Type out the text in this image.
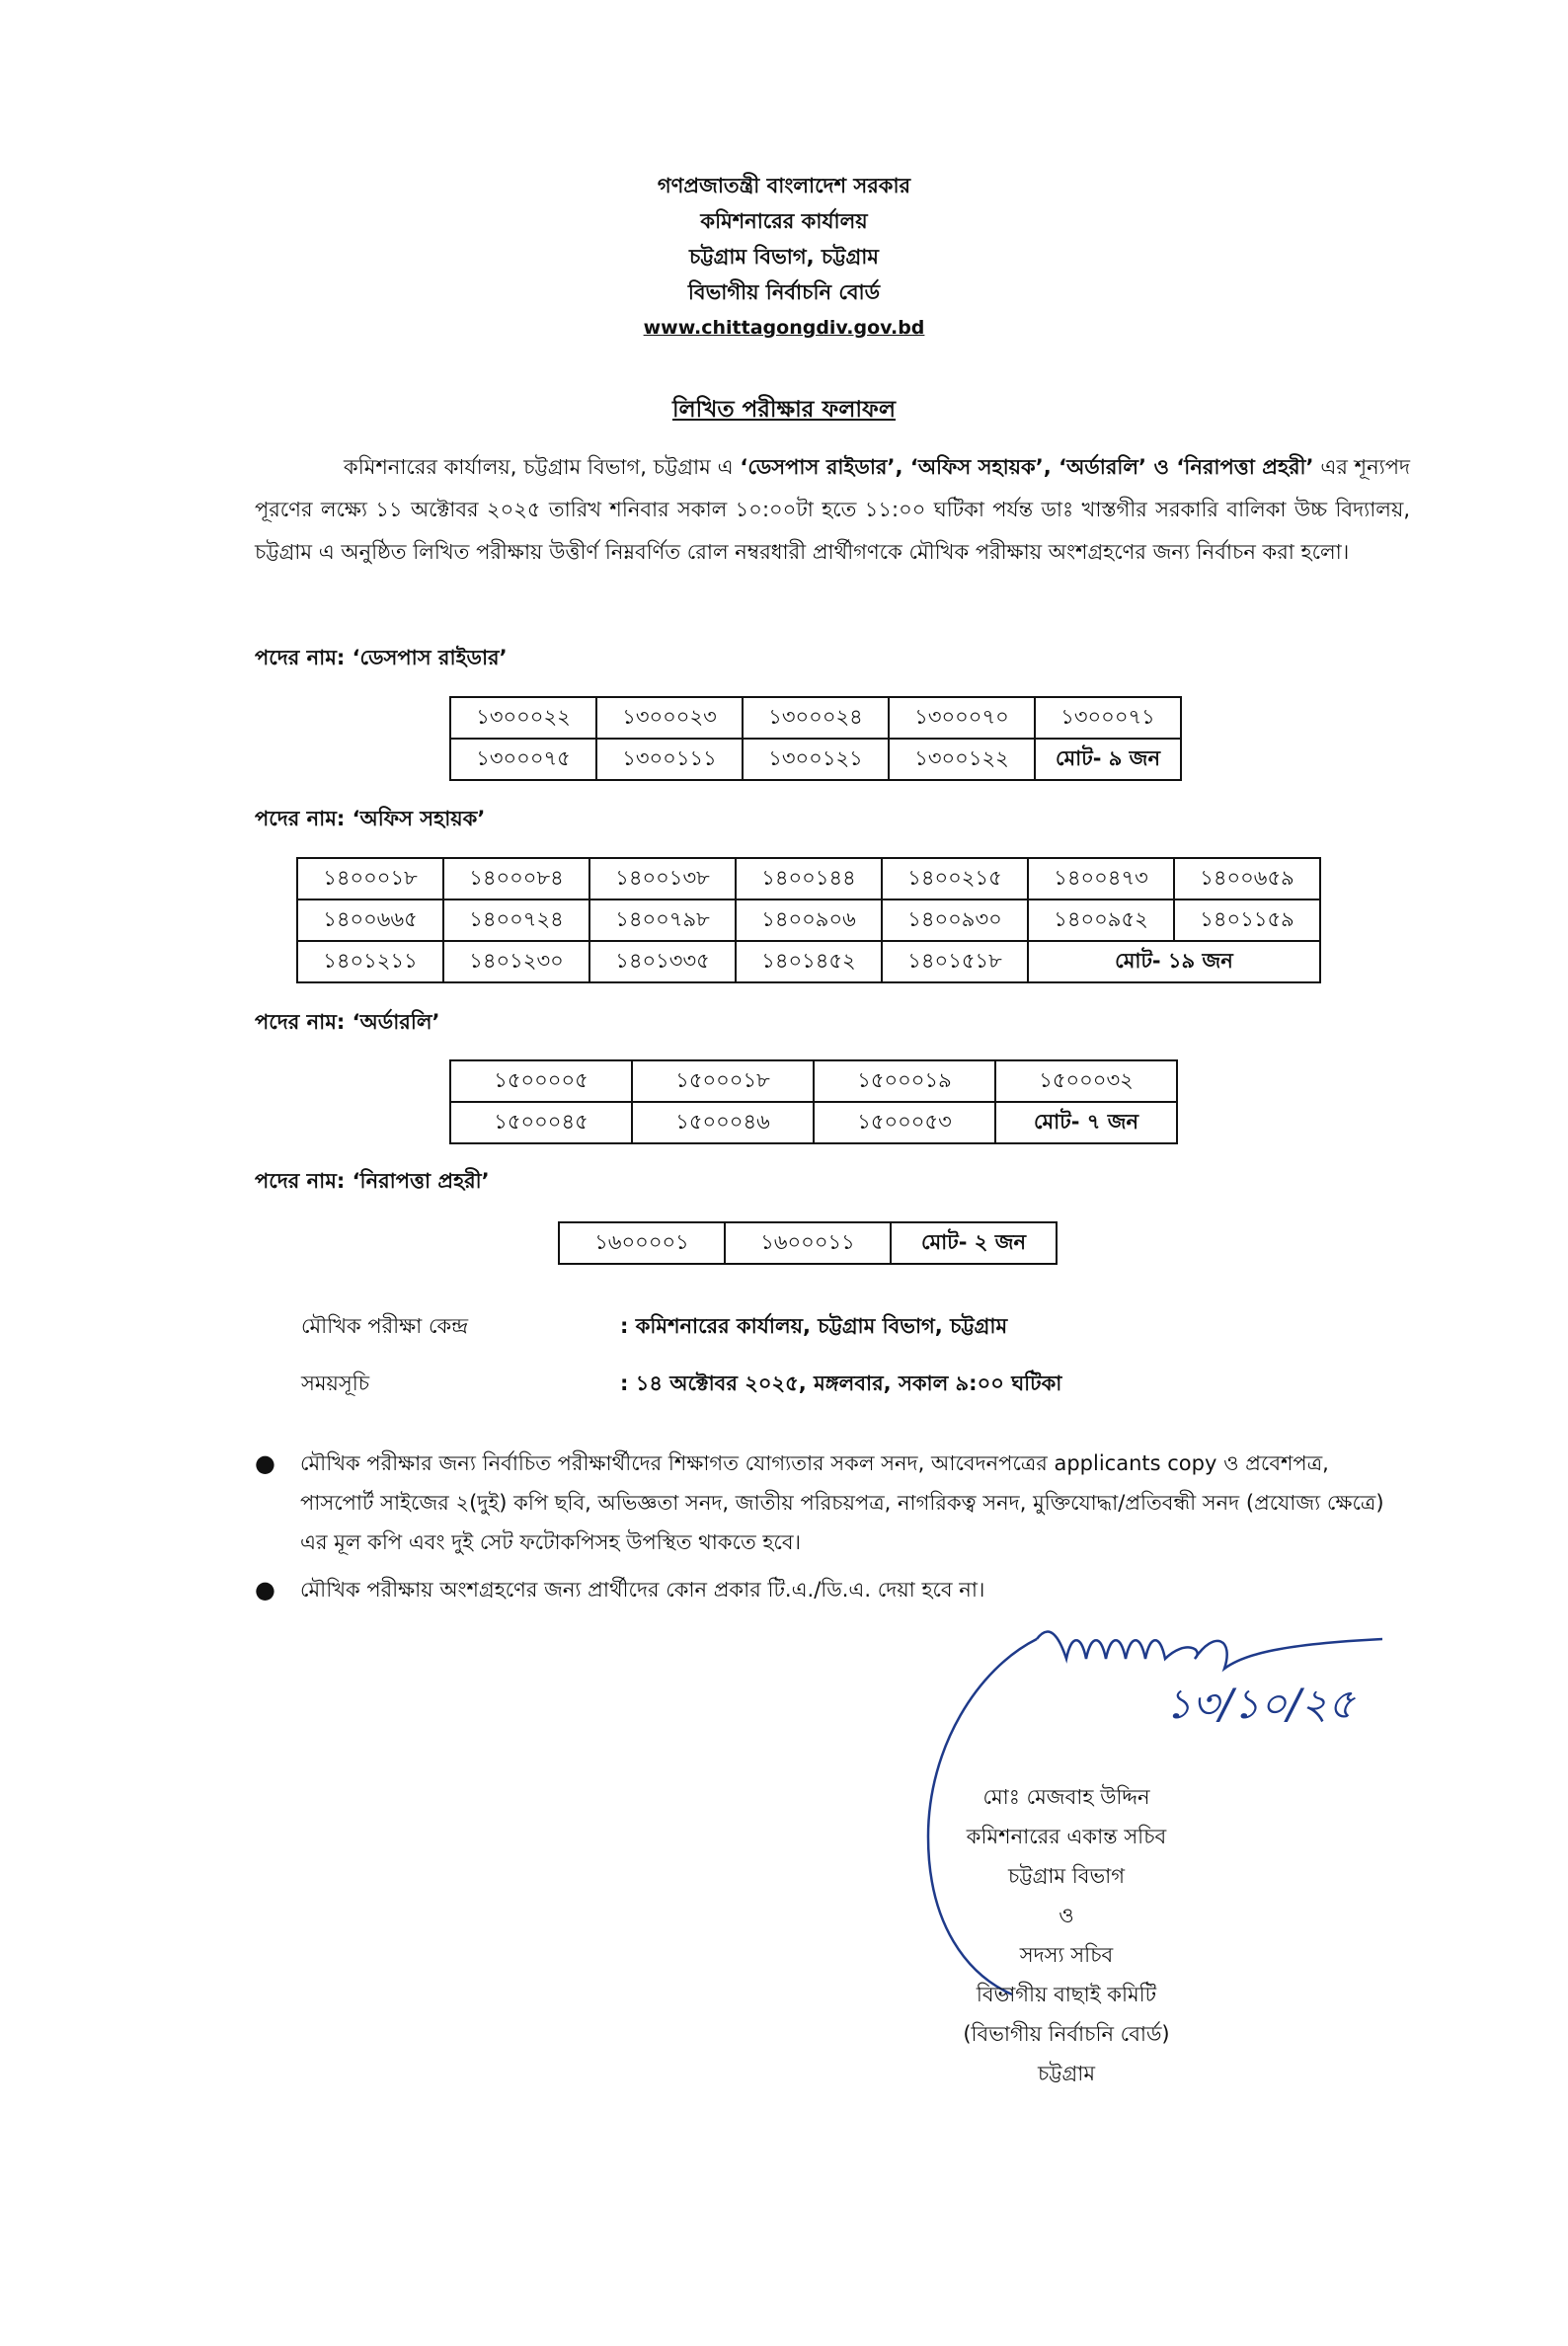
গণপ্রজাতন্ত্রী বাংলাদেশ সরকার
কমিশনারের কার্যালয়
চট্টগ্রাম বিভাগ, চট্টগ্রাম
বিভাগীয় নির্বাচনি বোর্ড
www.chittagongdiv.gov.bd
লিখিত পরীক্ষার ফলাফল
কমিশনারের কার্যালয়, চট্টগ্রাম বিভাগ, চট্টগ্রাম এ ‘ডেসপাস রাইডার’, ‘অফিস সহায়ক’, ‘অর্ডারলি’ ও ‘নিরাপত্তা প্রহরী’ এর শূন্যপদ পূরণের লক্ষ্যে ১১ অক্টোবর ২০২৫ তারিখ শনিবার সকাল ১০:০০টা হতে ১১:০০ ঘটিকা পর্যন্ত ডাঃ খাস্তগীর সরকারি বালিকা উচ্চ বিদ্যালয়, চট্টগ্রাম এ অনুষ্ঠিত লিখিত পরীক্ষায় উত্তীর্ণ নিম্নবর্ণিত রোল নম্বরধারী প্রার্থীগণকে মৌখিক পরীক্ষায় অংশগ্রহণের জন্য নির্বাচন করা হলো।
পদের নাম: ‘ডেসপাস রাইডার’
১৩০০০২২	১৩০০০২৩	১৩০০০২৪	১৩০০০৭০	১৩০০০৭১
১৩০০০৭৫	১৩০০১১১	১৩০০১২১	১৩০০১২২	মোট- ৯ জন
পদের নাম: ‘অফিস সহায়ক’
১৪০০০১৮	১৪০০০৮৪	১৪০০১৩৮	১৪০০১৪৪	১৪০০২১৫	১৪০০৪৭৩	১৪০০৬৫৯
১৪০০৬৬৫	১৪০০৭২৪	১৪০০৭৯৮	১৪০০৯০৬	১৪০০৯৩০	১৪০০৯৫২	১৪০১১৫৯
১৪০১২১১	১৪০১২৩০	১৪০১৩৩৫	১৪০১৪৫২	১৪০১৫১৮	মোট- ১৯ জন	
পদের নাম: ‘অর্ডারলি’
১৫০০০০৫	১৫০০০১৮	১৫০০০১৯	১৫০০০৩২
১৫০০০৪৫	১৫০০০৪৬	১৫০০০৫৩	মোট- ৭ জন
পদের নাম: ‘নিরাপত্তা প্রহরী’
১৬০০০০১	১৬০০০১১	মোট- ২ জন
মৌখিক পরীক্ষা কেন্দ্র	: কমিশনারের কার্যালয়, চট্টগ্রাম বিভাগ, চট্টগ্রাম
সময়সূচি	: ১৪ অক্টোবর ২০২৫, মঙ্গলবার, সকাল ৯:০০ ঘটিকা
● মৌখিক পরীক্ষার জন্য নির্বাচিত পরীক্ষার্থীদের শিক্ষাগত যোগ্যতার সকল সনদ, আবেদনপত্রের applicants copy ও প্রবেশপত্র, পাসপোর্ট সাইজের ২(দুই) কপি ছবি, অভিজ্ঞতা সনদ, জাতীয় পরিচয়পত্র, নাগরিকত্ব সনদ, মুক্তিযোদ্ধা/প্রতিবন্ধী সনদ (প্রযোজ্য ক্ষেত্রে) এর মূল কপি এবং দুই সেট ফটোকপিসহ উপস্থিত থাকতে হবে।
● মৌখিক পরীক্ষায় অংশগ্রহণের জন্য প্রার্থীদের কোন প্রকার টি.এ./ডি.এ. দেয়া হবে না।
১৩/১০/২৫
মোঃ মেজবাহ উদ্দিন
কমিশনারের একান্ত সচিব
চট্টগ্রাম বিভাগ
ও
সদস্য সচিব
বিভাগীয় বাছাই কমিটি
(বিভাগীয় নির্বাচনি বোর্ড)
চট্টগ্রাম
